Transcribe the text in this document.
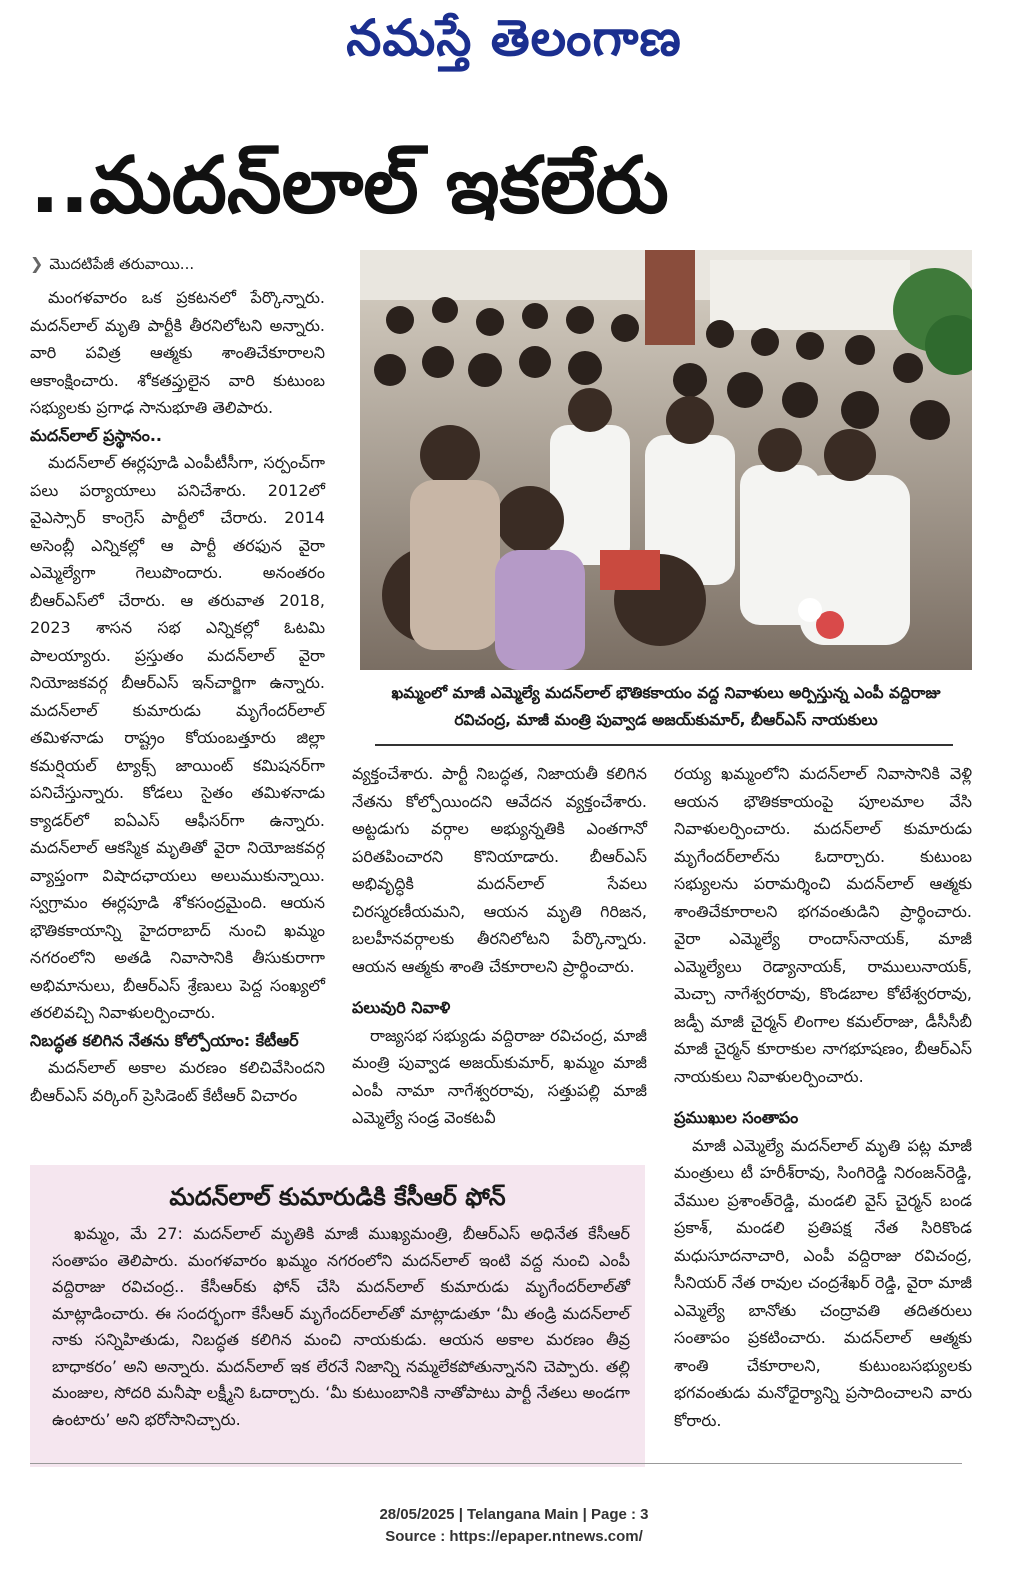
నమస్తే తెలంగాణ
..మదన్‌లాల్ ఇకలేరు
❯ మొదటిపేజీ తరువాయి...

మంగళవారం ఒక ప్రకటనలో పేర్కొన్నారు. మదన్‌లాల్ మృతి పార్టీకి తీరనిలోటని అన్నారు. వారి పవిత్ర ఆత్మకు శాంతిచేకూరాలని ఆకాంక్షించారు. శోకతప్తులైన వారి కుటుంబ సభ్యులకు ప్రగాఢ సానుభూతి తెలిపారు.

మదన్‌లాల్ ప్రస్థానం..

మదన్‌లాల్ ఈర్లపూడి ఎంపీటీసీగా, సర్పంచ్‌గా పలు పర్యాయాలు పనిచేశారు. 2012లో వైఎస్సార్ కాంగ్రెస్ పార్టీలో చేరారు. 2014 అసెంబ్లీ ఎన్నికల్లో ఆ పార్టీ తరఫున వైరా ఎమ్మెల్యేగా గెలుపొందారు. అనంతరం బీఆర్‌ఎస్‌లో చేరారు. ఆ తరువాత 2018, 2023 శాసన సభ ఎన్నికల్లో ఓటమి పాలయ్యారు. ప్రస్తుతం మదన్‌లాల్ వైరా నియోజకవర్గ బీఆర్‌ఎస్ ఇన్‌చార్జిగా ఉన్నారు. మదన్‌లాల్ కుమారుడు మృగేందర్‌లాల్ తమిళనాడు రాష్ట్రం కోయంబత్తూరు జిల్లా కమర్షియల్ ట్యాక్స్ జాయింట్ కమిషనర్‌గా పనిచేస్తున్నారు. కోడలు సైతం తమిళనాడు క్యాడర్‌లో ఐఏఎస్ ఆఫీసర్‌గా ఉన్నారు. మదన్‌లాల్ ఆకస్మిక మృతితో వైరా నియోజకవర్గ వ్యాప్తంగా విషాదఛాయలు అలుముకున్నాయి. స్వగ్రామం ఈర్లపూడి శోకసంద్రమైంది. ఆయన భౌతికకాయాన్ని హైదరాబాద్ నుంచి ఖమ్మం నగరంలోని అతడి నివాసానికి తీసుకురాగా అభిమానులు, బీఆర్‌ఎస్ శ్రేణులు పెద్ద సంఖ్యలో తరలివచ్చి నివాళులర్పించారు.

నిబద్ధత కలిగిన నేతను కోల్పోయాం: కేటీఆర్

మదన్‌లాల్ అకాల మరణం కలిచివేసిందని బీఆర్‌ఎస్ వర్కింగ్ ప్రెసిడెంట్ కేటీఆర్ విచారం

ఖమ్మంలో మాజీ ఎమ్మెల్యే మదన్‌లాల్ భౌతికకాయం వద్ద నివాళులు అర్పిస్తున్న ఎంపీ వద్దిరాజు రవిచంద్ర, మాజీ మంత్రి పువ్వాడ అజయ్‌కుమార్, బీఆర్‌ఎస్ నాయకులు

వ్యక్తంచేశారు. పార్టీ నిబద్ధత, నిజాయతీ కలిగిన నేతను కోల్పోయిందని ఆవేదన వ్యక్తంచేశారు. అట్టడుగు వర్గాల అభ్యున్నతికి ఎంతగానో పరితపించారని కొనియాడారు. బీఆర్‌ఎస్ అభివృద్ధికి మదన్‌లాల్ సేవలు చిరస్మరణీయమని, ఆయన మృతి గిరిజన, బలహీనవర్గాలకు తీరనిలోటని పేర్కొన్నారు. ఆయన ఆత్మకు శాంతి చేకూరాలని ప్రార్థించారు.

పలువురి నివాళి

రాజ్యసభ సభ్యుడు వద్దిరాజు రవిచంద్ర, మాజీ మంత్రి పువ్వాడ అజయ్‌కుమార్, ఖమ్మం మాజీ ఎంపీ నామా నాగేశ్వరరావు, సత్తుపల్లి మాజీ ఎమ్మెల్యే సండ్ర వెంకటవీ

రయ్య ఖమ్మంలోని మదన్‌లాల్ నివాసానికి వెళ్లి ఆయన భౌతికకాయంపై పూలమాల వేసి నివాళులర్పించారు. మదన్‌లాల్ కుమారుడు మృగేందర్‌లాల్‌ను ఓదార్చారు. కుటుంబ సభ్యులను పరామర్శించి మదన్‌లాల్ ఆత్మకు శాంతిచేకూరాలని భగవంతుడిని ప్రార్థించారు. వైరా ఎమ్మెల్యే రాందాస్‌నాయక్, మాజీ ఎమ్మెల్యేలు రెడ్యానాయక్, రాములునాయక్, మెచ్చా నాగేశ్వరరావు, కొండబాల కోటేశ్వరరావు, జడ్పీ మాజీ చైర్మన్ లింగాల కమల్‌రాజు, డీసీసీబీ మాజీ చైర్మన్ కూరాకుల నాగభూషణం, బీఆర్‌ఎస్ నాయకులు నివాళులర్పించారు.

ప్రముఖుల సంతాపం

మాజీ ఎమ్మెల్యే మదన్‌లాల్ మృతి పట్ల మాజీ మంత్రులు టీ హరీశ్‌రావు, సింగిరెడ్డి నిరంజన్‌రెడ్డి, వేముల ప్రశాంత్‌రెడ్డి, మండలి వైస్ చైర్మన్ బండ ప్రకాశ్, మండలి ప్రతిపక్ష నేత సిరికొండ మధుసూదనాచారి, ఎంపీ వద్దిరాజు రవిచంద్ర, సీనియర్ నేత రావుల చంద్రశేఖర్ రెడ్డి, వైరా మాజీ ఎమ్మెల్యే బానోతు చంద్రావతి తదితరులు సంతాపం ప్రకటించారు. మదన్‌లాల్ ఆత్మకు శాంతి చేకూరాలని, కుటుంబసభ్యులకు భగవంతుడు మనోధైర్యాన్ని ప్రసాదించాలని వారు కోరారు.

మదన్‌లాల్ కుమారుడికి కేసీఆర్ ఫోన్
ఖమ్మం, మే 27: మదన్‌లాల్ మృతికి మాజీ ముఖ్యమంత్రి, బీఆర్‌ఎస్ అధినేత కేసీఆర్ సంతాపం తెలిపారు. మంగళవారం ఖమ్మం నగరంలోని మదన్‌లాల్ ఇంటి వద్ద నుంచి ఎంపీ వద్దిరాజు రవిచంద్ర.. కేసీఆర్‌కు ఫోన్ చేసి మదన్‌లాల్ కుమారుడు మృగేందర్‌లాల్‌తో మాట్లాడించారు. ఈ సందర్భంగా కేసీఆర్ మృగేందర్‌లాల్‌తో మాట్లాడుతూ ‘మీ తండ్రి మదన్‌లాల్ నాకు సన్నిహితుడు, నిబద్ధత కలిగిన మంచి నాయకుడు. ఆయన అకాల మరణం తీవ్ర బాధాకరం’ అని అన్నారు. మదన్‌లాల్ ఇక లేరనే నిజాన్ని నమ్మలేకపోతున్నానని చెప్పారు. తల్లి మంజుల, సోదరి మనీషా లక్ష్మీని ఓదార్చారు. ‘మీ కుటుంబానికి నాతోపాటు పార్టీ నేతలు అండగా ఉంటారు’ అని భరోసానిచ్చారు.
28/05/2025 | Telangana Main | Page : 3
Source : https://epaper.ntnews.com/
